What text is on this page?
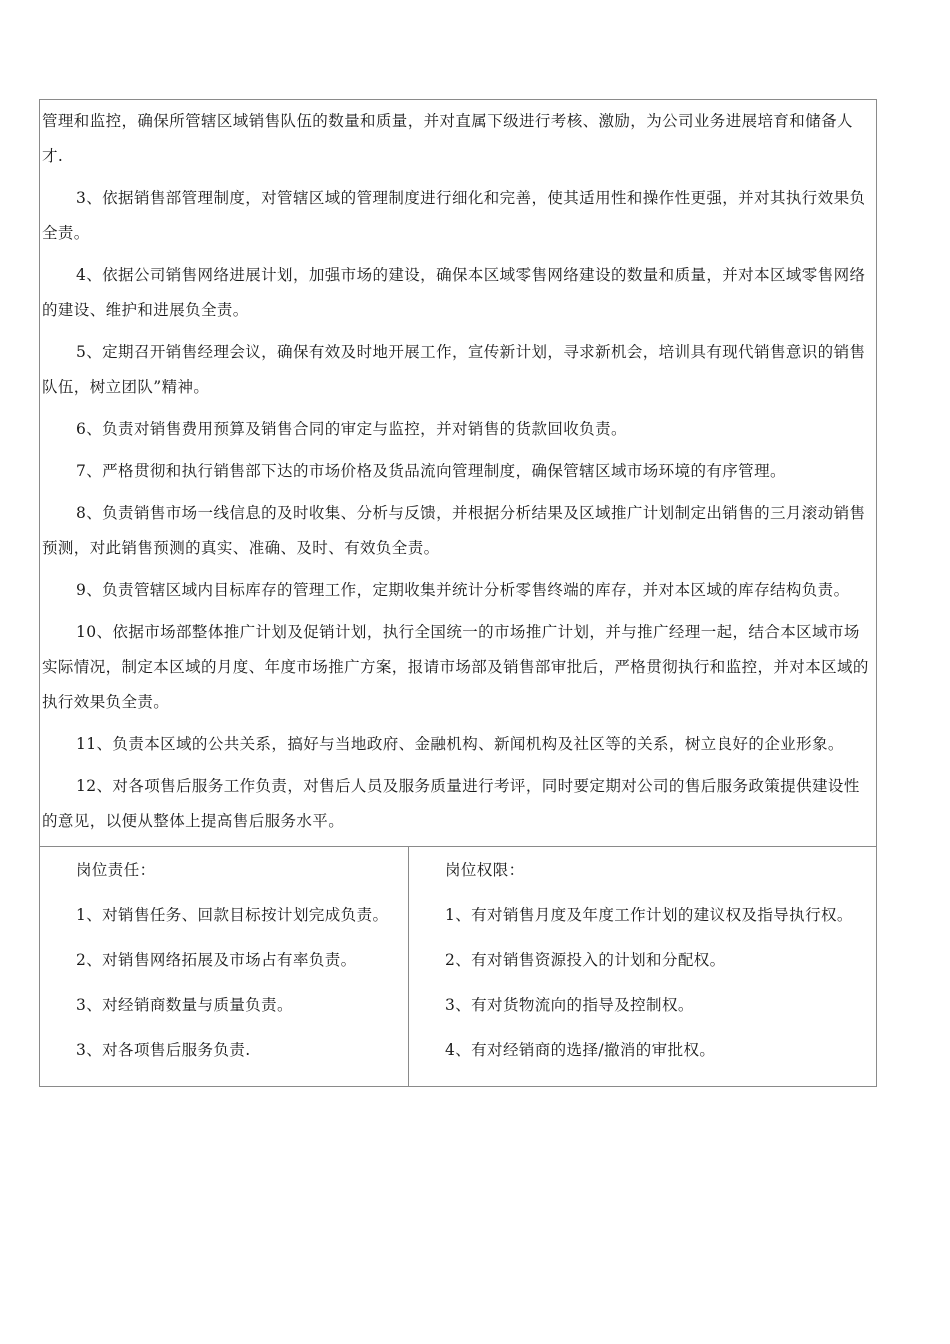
管理和监控，确保所管辖区域销售队伍的数量和质量，并对直属下级进行考核、激励，为公司业务进展培育和储备人才.

3、依据销售部管理制度，对管辖区域的管理制度进行细化和完善，使其适用性和操作性更强，并对其执行效果负全责。

4、依据公司销售网络进展计划，加强市场的建设，确保本区域零售网络建设的数量和质量，并对本区域零售网络的建设、维护和进展负全责。

5、定期召开销售经理会议，确保有效及时地开展工作，宣传新计划，寻求新机会，培训具有现代销售意识的销售队伍，树立团队”精神。

6、负责对销售费用预算及销售合同的审定与监控，并对销售的货款回收负责。

7、严格贯彻和执行销售部下达的市场价格及货品流向管理制度，确保管辖区域市场环境的有序管理。

8、负责销售市场一线信息的及时收集、分析与反馈，并根据分析结果及区域推广计划制定出销售的三月滚动销售预测，对此销售预测的真实、准确、及时、有效负全责。

9、负责管辖区域内目标库存的管理工作，定期收集并统计分析零售终端的库存，并对本区域的库存结构负责。

10、依据市场部整体推广计划及促销计划，执行全国统一的市场推广计划，并与推广经理一起，结合本区域市场实际情况，制定本区域的月度、年度市场推广方案，报请市场部及销售部审批后，严格贯彻执行和监控，并对本区域的执行效果负全责。

11、负责本区域的公共关系，搞好与当地政府、金融机构、新闻机构及社区等的关系，树立良好的企业形象。

12、对各项售后服务工作负责，对售后人员及服务质量进行考评，同时要定期对公司的售后服务政策提供建设性的意见，以便从整体上提高售后服务水平。

岗位责任：

1、对销售任务、回款目标按计划完成负责。

2、对销售网络拓展及市场占有率负责。

3、对经销商数量与质量负责。

3、对各项售后服务负责.

岗位权限：

1、有对销售月度及年度工作计划的建议权及指导执行权。

2、有对销售资源投入的计划和分配权。

3、有对货物流向的指导及控制权。

4、有对经销商的选择/撤消的审批权。
